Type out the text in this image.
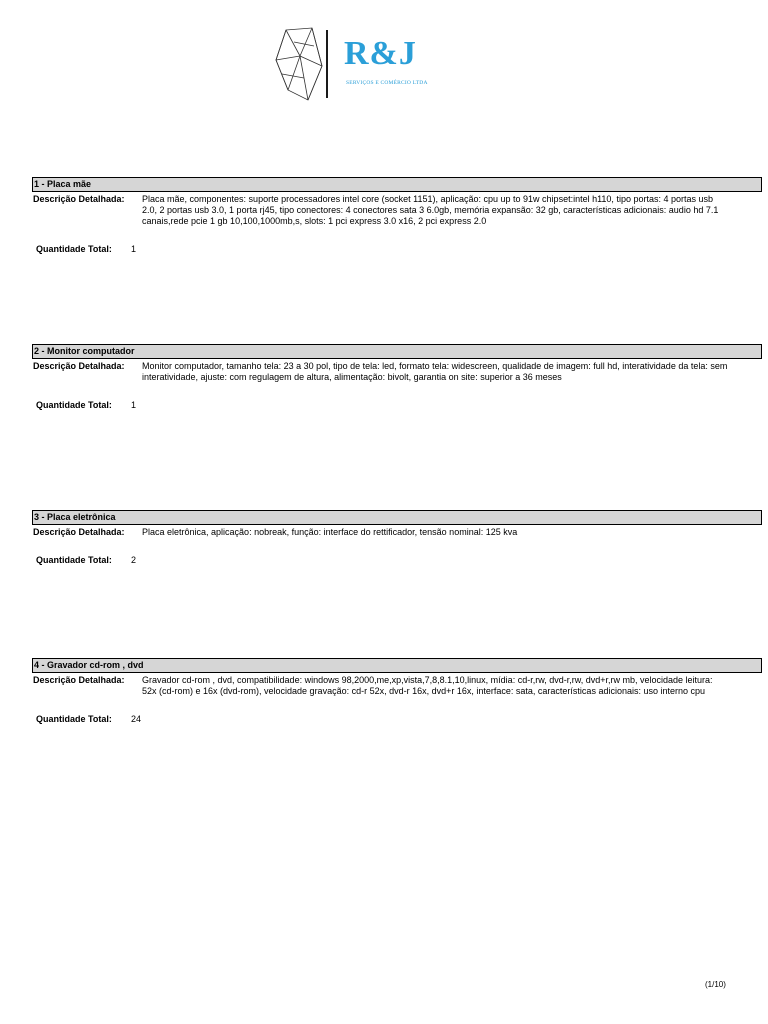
R&J
SERVIÇOS E COMÉRCIO LTDA
1 - Placa mãe
Descrição Detalhada:	Placa mãe, componentes: suporte processadores intel core (socket 1151), aplicação: cpu up to 91w chipset:intel h110, tipo portas: 4 portas usb 2.0, 2 portas usb 3.0, 1 porta rj45, tipo conectores: 4 conectores sata 3 6.0gb, memória expansão: 32 gb, características adicionais: audio hd 7.1 canais,rede pcie 1 gb 10,100,1000mb,s, slots: 1 pci express 3.0 x16, 2 pci express 2.0
Quantidade Total:	1
2 - Monitor computador
Descrição Detalhada:	Monitor computador, tamanho tela: 23 a 30 pol, tipo de tela: led, formato tela: widescreen, qualidade de imagem: full hd, interatividade da tela: sem interatividade, ajuste: com regulagem de altura, alimentação: bivolt, garantia on site: superior a 36 meses
Quantidade Total:	1
3 - Placa eletrônica
Descrição Detalhada:	Placa eletrônica, aplicação: nobreak, função: interface do rettificador, tensão nominal: 125 kva
Quantidade Total:	2
4 - Gravador cd-rom , dvd
Descrição Detalhada:	Gravador cd-rom , dvd, compatibilidade: windows 98,2000,me,xp,vista,7,8,8.1,10,linux, mídia: cd-r,rw, dvd-r,rw, dvd+r,rw mb, velocidade leitura: 52x (cd-rom) e 16x (dvd-rom), velocidade gravação: cd-r 52x, dvd-r 16x, dvd+r 16x, interface: sata, características adicionais: uso interno cpu
Quantidade Total:	24
(1/10)
